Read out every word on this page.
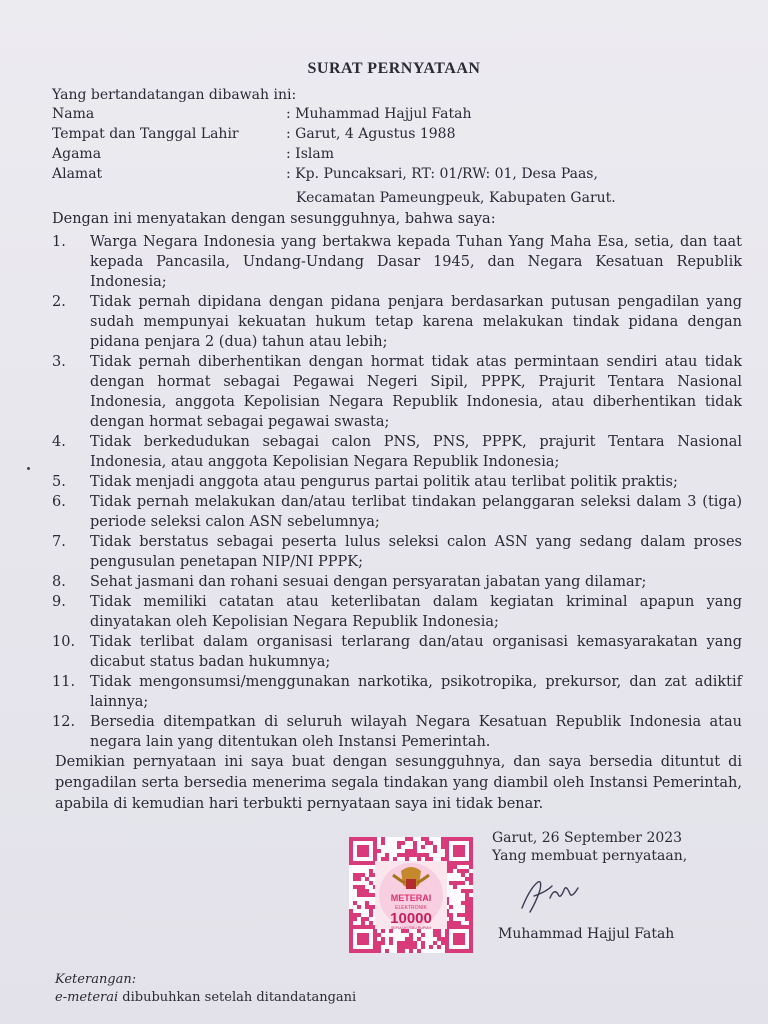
SURAT PERNYATAAN
Yang bertandatangan dibawah ini:
Nama	: Muhammad Hajjul Fatah
Tempat dan Tanggal Lahir	: Garut, 4 Agustus 1988
Agama	: Islam
Alamat	: Kp. Puncaksari, RT: 01/RW: 01, Desa Paas,
Kecamatan Pameungpeuk, Kabupaten Garut.
Dengan ini menyatakan dengan sesungguhnya, bahwa saya:
1.	Warga Negara Indonesia yang bertakwa kepada Tuhan Yang Maha Esa, setia, dan taat kepada Pancasila, Undang-Undang Dasar 1945, dan Negara Kesatuan Republik Indonesia;
2.	Tidak pernah dipidana dengan pidana penjara berdasarkan putusan pengadilan yang sudah mempunyai kekuatan hukum tetap karena melakukan tindak pidana dengan pidana penjara 2 (dua) tahun atau lebih;
3.	Tidak pernah diberhentikan dengan hormat tidak atas permintaan sendiri atau tidak dengan hormat sebagai Pegawai Negeri Sipil, PPPK, Prajurit Tentara Nasional Indonesia, anggota Kepolisian Negara Republik Indonesia, atau diberhentikan tidak dengan hormat sebagai pegawai swasta;
4.	Tidak berkedudukan sebagai calon PNS, PNS, PPPK, prajurit Tentara Nasional Indonesia, atau anggota Kepolisian Negara Republik Indonesia;
5.	Tidak menjadi anggota atau pengurus partai politik atau terlibat politik praktis;
6.	Tidak pernah melakukan dan/atau terlibat tindakan pelanggaran seleksi dalam 3 (tiga) periode seleksi calon ASN sebelumnya;
7.	Tidak berstatus sebagai peserta lulus seleksi calon ASN yang sedang dalam proses pengusulan penetapan NIP/NI PPPK;
8.	Sehat jasmani dan rohani sesuai dengan persyaratan jabatan yang dilamar;
9.	Tidak memiliki catatan atau keterlibatan dalam kegiatan kriminal apapun yang dinyatakan oleh Kepolisian Negara Republik Indonesia;
10.	Tidak terlibat dalam organisasi terlarang dan/atau organisasi kemasyarakatan yang dicabut status badan hukumnya;
11.	Tidak mengonsumsi/menggunakan narkotika, psikotropika, prekursor, dan zat adiktif lainnya;
12.	Bersedia ditempatkan di seluruh wilayah Negara Kesatuan Republik Indonesia atau negara lain yang ditentukan oleh Instansi Pemerintah.
Demikian pernyataan ini saya buat dengan sesungguhnya, dan saya bersedia dituntut di pengadilan serta bersedia menerima segala tindakan yang diambil oleh Instansi Pemerintah, apabila di kemudian hari terbukti pernyataan saya ini tidak benar.
METERAI
ELEKTRONIK
10000
SEPULUH RIBU RUPIAH
Garut, 26 September 2023
Yang membuat pernyataan,
Muhammad Hajjul Fatah
Keterangan:
e-meterai dibubuhkan setelah ditandatangani
